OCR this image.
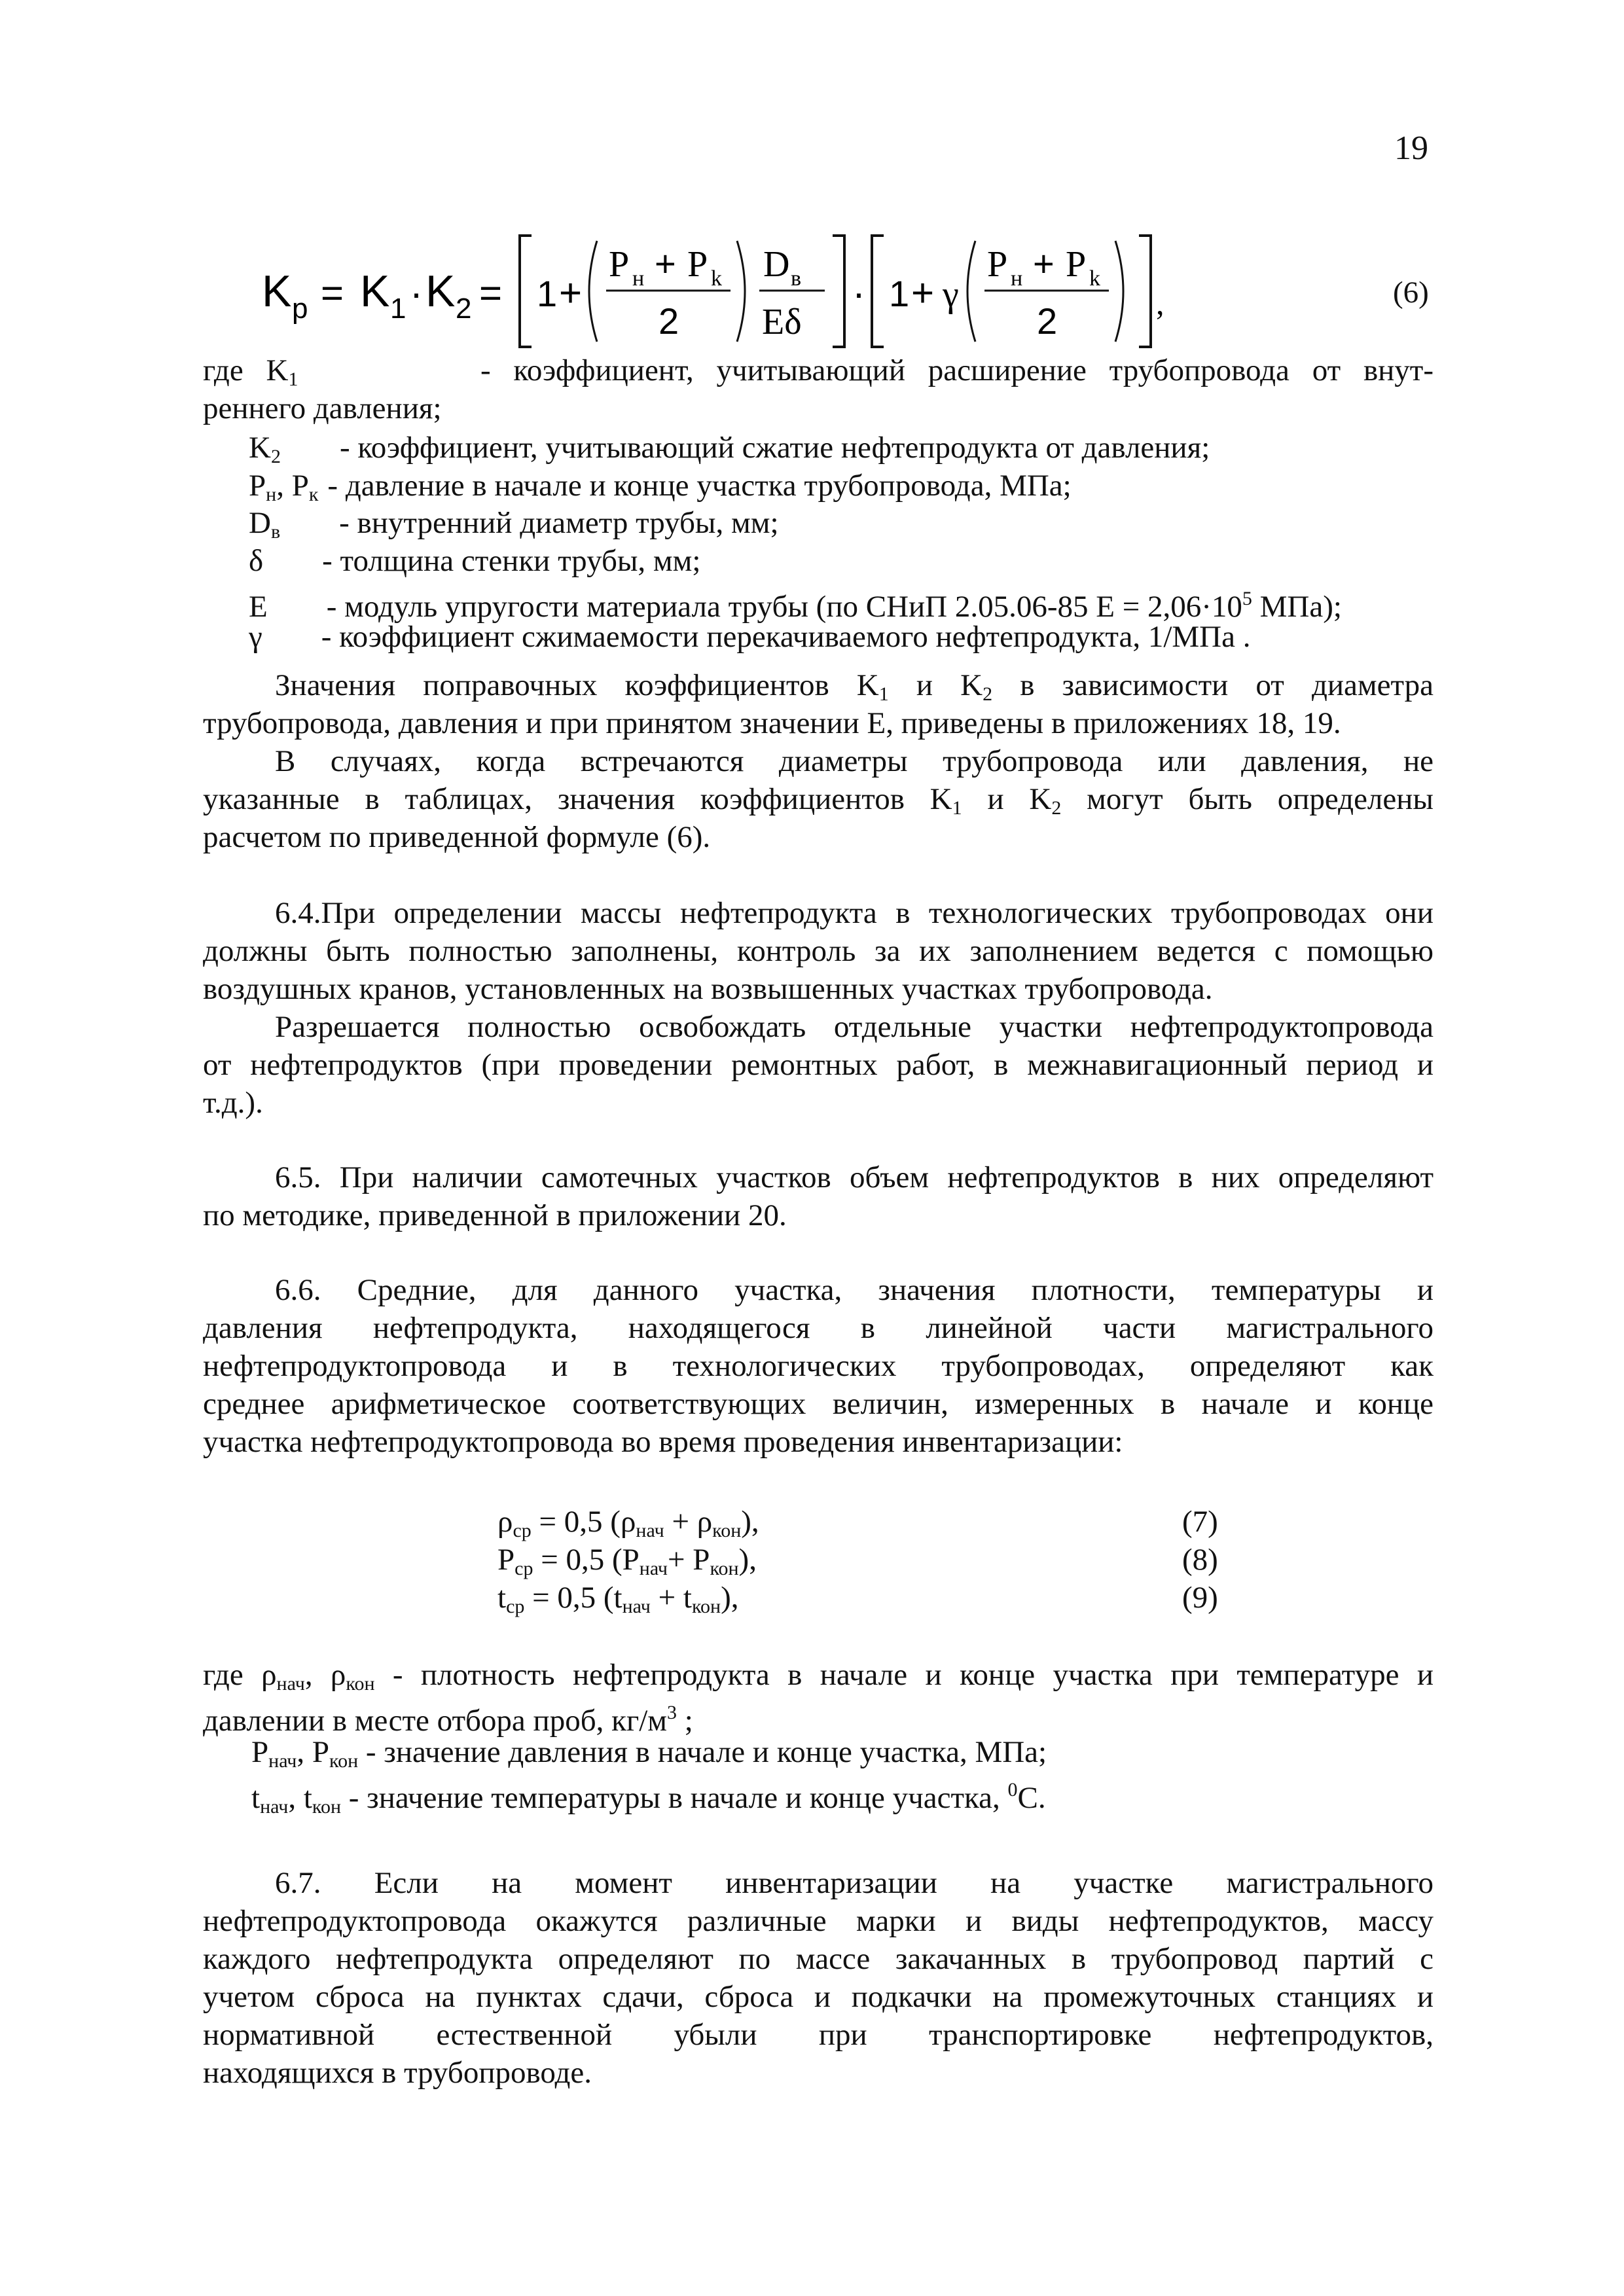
19
K p = K 1 · K 2 = 1 +
P н + P k
2
D в
Eδ
· 1 + γ
P н + P k
2	,	(6)
где $K_1$	- коэффициент, учитывающий расширение трубопровода от внут-
реннего давления;
$K_2$ - коэффициент, учитывающий сжатие нефтепродукта от давления;
$P_н$, $P_к$ - давление в начале и конце участка трубопровода, МПа;
$D_в$ - внутренний диаметр трубы, мм;
δ - толщина стенки трубы, мм;
E - модуль упругости материала трубы (по СНиП 2.05.06-85 $Е = 2,06\cdot 10^5$ МПа);
γ - коэффициент сжимаемости перекачиваемого нефтепродукта, 1/МПа .
Значения поправочных коэффициентов $K_1$ и $K_2$ в зависимости от диаметра
трубопровода, давления и при принятом значении Е, приведены в приложениях 18, 19.
В случаях, когда встречаются диаметры трубопровода или давления, не
указанные в таблицах, значения коэффициентов $K_1$ и $K_2$ могут быть определены
расчетом по приведенной формуле (6).
6.4.При определении массы нефтепродукта в технологических трубопроводах они
должны быть полностью заполнены, контроль за их заполнением ведется с помощью
воздушных кранов, установленных на возвышенных участках трубопровода.
Разрешается полностью освобождать отдельные участки нефтепродуктопровода
от нефтепродуктов (при проведении ремонтных работ, в межнавигационный период и
т.д.).
6.5. При наличии самотечных участков объем нефтепродуктов в них определяют
по методике, приведенной в приложении 20.
6.6. Средние, для данного участка, значения плотности, температуры и
давления нефтепродукта, находящегося в линейной части магистрального
нефтепродуктопровода и в технологических трубопроводах, определяют как
среднее арифметическое соответствующих величин, измеренных в начале и конце
участка нефтепродуктопровода во время проведения инвентаризации:
$\rho_{ср} = 0,5$ $(\rho_{нач} + \rho_{кон})$,	(7)
$P_{ср} = 0,5$ $(P_{нач}+ P_{кон})$,	(8)
$t_{ср} = 0,5$ $(t_{нач} + t_{кон})$,	(9)
где $\rho_{нач}$, $\rho_{кон}$ - плотность нефтепродукта в начале и конце участка при температуре и
давлении в месте отбора проб, $кг/м^3$ ;
$P_{нач}$, $P_{кон}$ - значение давления в начале и конце участка, МПа;
$t_{нач}$, $t_{кон}$ - значение температуры в начале и конце участка, $^0$С.
6.7. Если на момент инвентаризации на участке магистрального
нефтепродуктопровода окажутся различные марки и виды нефтепродуктов, массу
каждого нефтепродукта определяют по массе закачанных в трубопровод партий с
учетом сброса на пунктах сдачи, сброса и подкачки на промежуточных станциях и
нормативной естественной убыли при транспортировке нефтепродуктов,
находящихся в трубопроводе.
